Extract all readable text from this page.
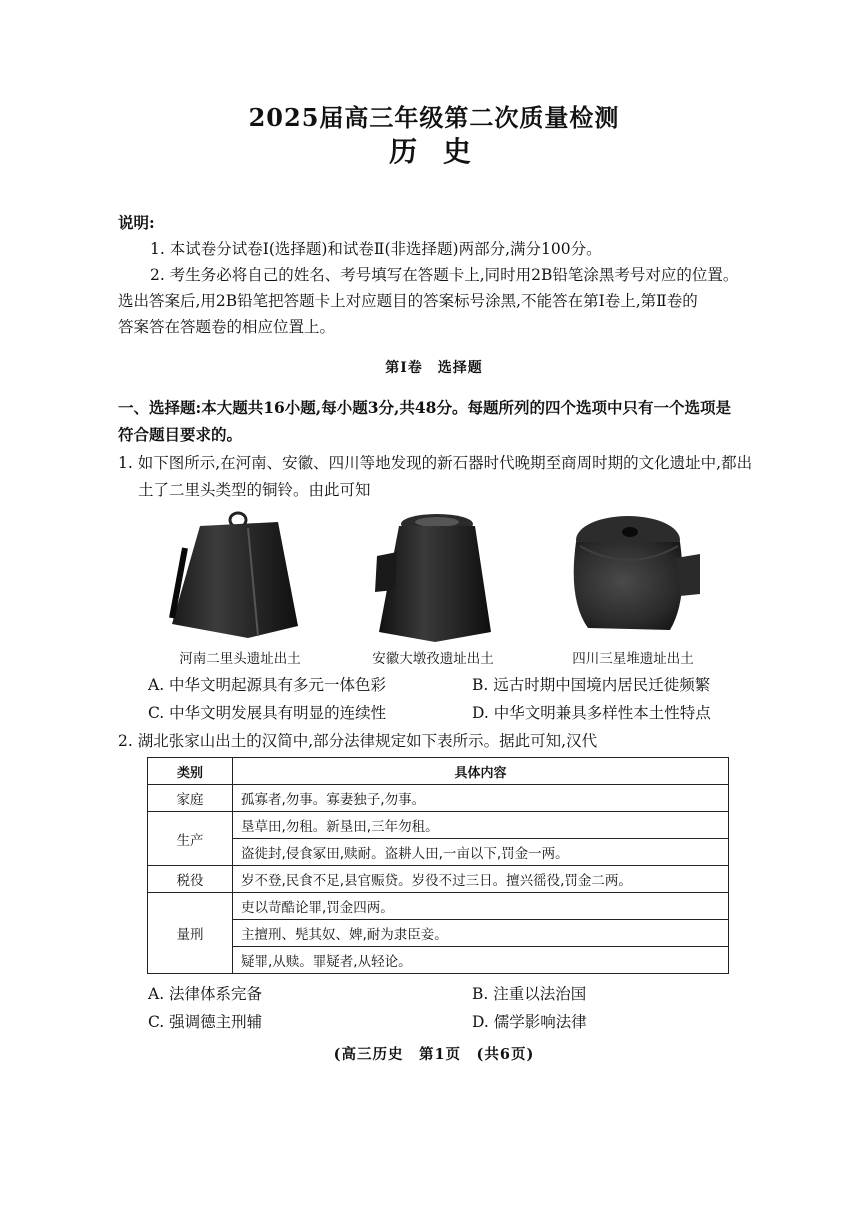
2025届高三年级第二次质量检测
历 史
说明:
1. 本试卷分试卷Ⅰ(选择题)和试卷Ⅱ(非选择题)两部分,满分100分。
2. 考生务必将自己的姓名、考号填写在答题卡上,同时用2B铅笔涂黑考号对应的位置。
选出答案后,用2B铅笔把答题卡上对应题目的答案标号涂黑,不能答在第Ⅰ卷上,第Ⅱ卷的
答案答在答题卷的相应位置上。
第Ⅰ卷　选择题
一、选择题:本大题共16小题,每小题3分,共48分。每题所列的四个选项中只有一个选项是
符合题目要求的。
1. 如下图所示,在河南、安徽、四川等地发现的新石器时代晚期至商周时期的文化遗址中,都出
土了二里头类型的铜铃。由此可知
河南二里头遗址出土	安徽大墩孜遗址出土	四川三星堆遗址出土
A. 中华文明起源具有多元一体色彩	B. 远古时期中国境内居民迁徙频繁
C. 中华文明发展具有明显的连续性	D. 中华文明兼具多样性本土性特点
2. 湖北张家山出土的汉简中,部分法律规定如下表所示。据此可知,汉代
类别	具体内容
家庭	孤寡者,勿事。寡妻独子,勿事。
生产	垦草田,勿租。新垦田,三年勿租。
	盗徙封,侵食冢田,赎耐。盗耕人田,一亩以下,罚金一两。
税役	岁不登,民食不足,县官赈贷。岁役不过三日。擅兴徭役,罚金二两。
量刑	吏以苛酷论罪,罚金四两。
	主擅刑、髡其奴、婢,耐为隶臣妾。
	疑罪,从赎。罪疑者,从轻论。
A. 法律体系完备	B. 注重以法治国
C. 强调德主刑辅	D. 儒学影响法律
(高三历史　第1页　(共6页)
